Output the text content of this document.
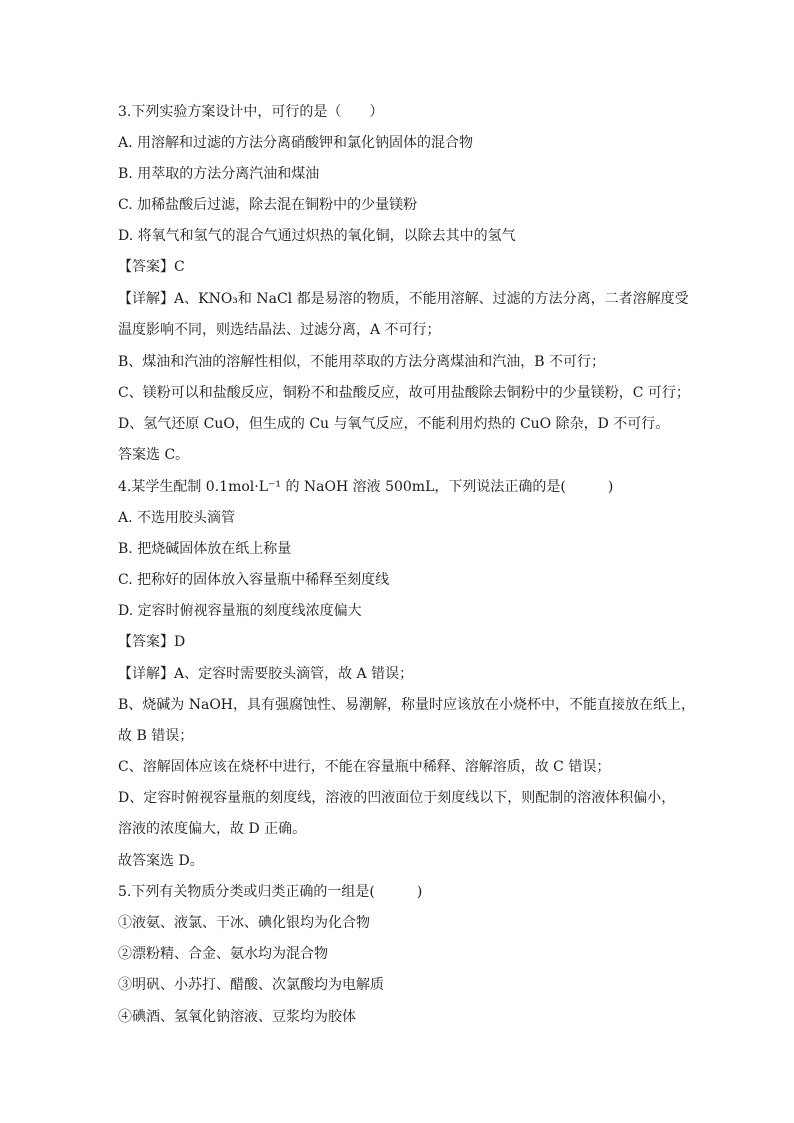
3.下列实验方案设计中，可行的是（　　）
A. 用溶解和过滤的方法分离硝酸钾和氯化钠固体的混合物
B. 用萃取的方法分离汽油和煤油
C. 加稀盐酸后过滤，除去混在铜粉中的少量镁粉
D. 将氧气和氢气的混合气通过炽热的氧化铜，以除去其中的氢气
【答案】C
【详解】A、KNO₃和 NaCl 都是易溶的物质，不能用溶解、过滤的方法分离，二者溶解度受
温度影响不同，则选结晶法、过滤分离，A 不可行；
B、煤油和汽油的溶解性相似，不能用萃取的方法分离煤油和汽油，B 不可行；
C、镁粉可以和盐酸反应，铜粉不和盐酸反应，故可用盐酸除去铜粉中的少量镁粉，C 可行；
D、氢气还原 CuO，但生成的 Cu 与氧气反应，不能利用灼热的 CuO 除杂，D 不可行。
答案选 C。
4.某学生配制 0.1mol·L⁻¹ 的 NaOH 溶液 500mL，下列说法正确的是(　　　)
A. 不选用胶头滴管
B. 把烧碱固体放在纸上称量
C. 把称好的固体放入容量瓶中稀释至刻度线
D. 定容时俯视容量瓶的刻度线浓度偏大
【答案】D
【详解】A、定容时需要胶头滴管，故 A 错误；
B、烧碱为 NaOH，具有强腐蚀性、易潮解，称量时应该放在小烧杯中，不能直接放在纸上，
故 B 错误；
C、溶解固体应该在烧杯中进行，不能在容量瓶中稀释、溶解溶质，故 C 错误；
D、定容时俯视容量瓶的刻度线，溶液的凹液面位于刻度线以下，则配制的溶液体积偏小，
溶液的浓度偏大，故 D 正确。
故答案选 D。
5.下列有关物质分类或归类正确的一组是(　　　)
①液氨、液氯、干冰、碘化银均为化合物
②漂粉精、合金、氨水均为混合物
③明矾、小苏打、醋酸、次氯酸均为电解质
④碘酒、氢氧化钠溶液、豆浆均为胶体
